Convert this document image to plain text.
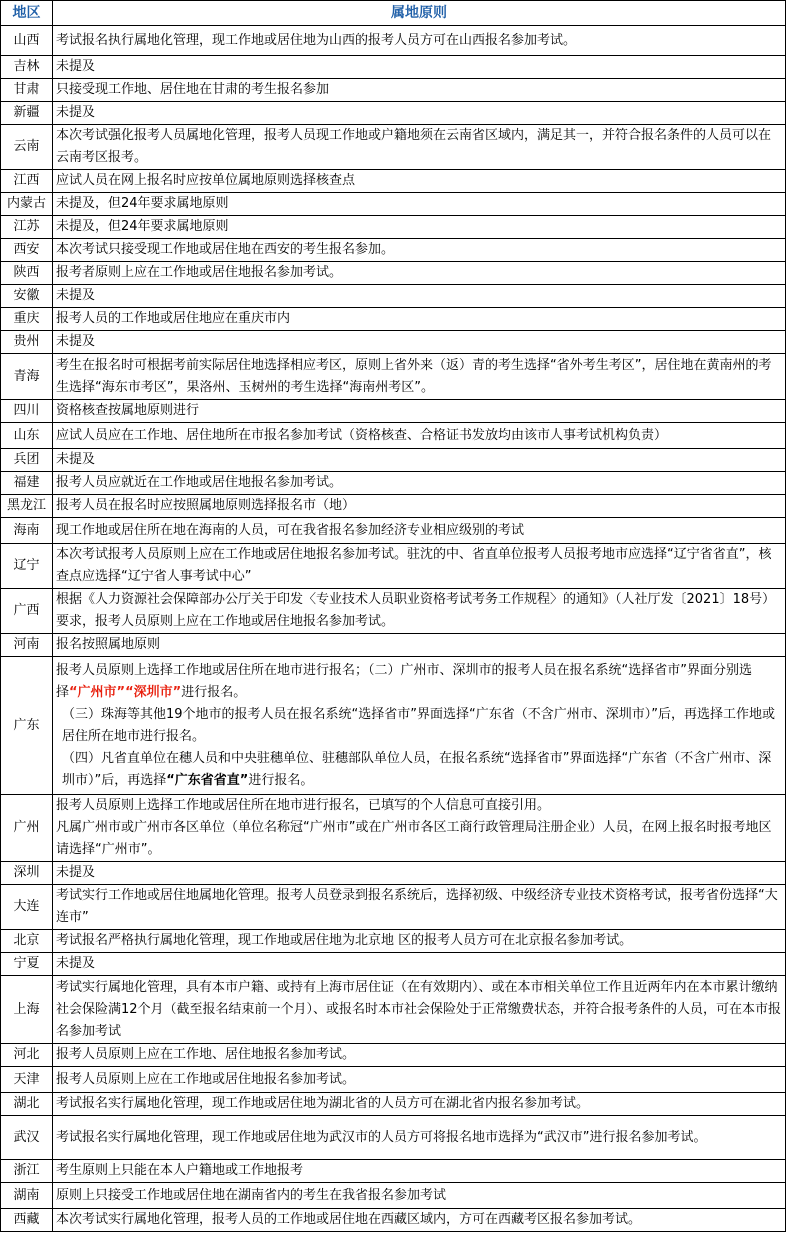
地区	属地原则
山西	考试报名执行属地化管理，现工作地或居住地为山西的报考人员方可在山西报名参加考试。
吉林	未提及
甘肃	只接受现工作地、居住地在甘肃的考生报名参加
新疆	未提及
云南	本次考试强化报考人员属地化管理，报考人员现工作地或户籍地须在云南省区域内，满足其一，并符合报名条件的人员可以在云南考区报考。
江西	应试人员在网上报名时应按单位属地原则选择核查点
内蒙古	未提及，但24年要求属地原则
江苏	未提及，但24年要求属地原则
西安	本次考试只接受现工作地或居住地在西安的考生报名参加。
陕西	报考者原则上应在工作地或居住地报名参加考试。
安徽	未提及
重庆	报考人员的工作地或居住地应在重庆市内
贵州	未提及
青海	考生在报名时可根据考前实际居住地选择相应考区，原则上省外来（返）青的考生选择“省外考生考区”，居住地在黄南州的考生选择“海东市考区”，果洛州、玉树州的考生选择“海南州考区”。
四川	资格核查按属地原则进行
山东	应试人员应在工作地、居住地所在市报名参加考试（资格核查、合格证书发放均由该市人事考试机构负责）
兵团	未提及
福建	报考人员应就近在工作地或居住地报名参加考试。
黑龙江	报考人员在报名时应按照属地原则选择报名市（地）
海南	现工作地或居住所在地在海南的人员，可在我省报名参加经济专业相应级别的考试
辽宁	本次考试报考人员原则上应在工作地或居住地报名参加考试。驻沈的中、省直单位报考人员报考地市应选择“辽宁省省直”，核查点应选择“辽宁省人事考试中心”
广西	根据《人力资源社会保障部办公厅关于印发〈专业技术人员职业资格考试考务工作规程〉的通知》（人社厅发〔2021〕18号）要求，报考人员原则上应在工作地或居住地报名参加考试。
河南	报名按照属地原则
广东	报考人员原则上选择工作地或居住所在地市进行报名；（二）广州市、深圳市的报考人员在报名系统“选择省市”界面分别选择“广州市”“深圳市”进行报名。
（三）珠海等其他19个地市的报考人员在报名系统“选择省市”界面选择“广东省（不含广州市、深圳市）”后，再选择工作地或居住所在地市进行报名。
（四）凡省直单位在穗人员和中央驻穗单位、驻穗部队单位人员，在报名系统“选择省市”界面选择“广东省（不含广州市、深圳市）”后，再选择“广东省省直”进行报名。

广州	报考人员原则上选择工作地或居住所在地市进行报名，已填写的个人信息可直接引用。
凡属广州市或广州市各区单位（单位名称冠“广州市”或在广州市各区工商行政管理局注册企业）人员，在网上报名时报考地区请选择“广州市”。

深圳	未提及
大连	考试实行工作地或居住地属地化管理。报考人员登录到报名系统后，选择初级、中级经济专业技术资格考试，报考省份选择“大连市”
北京	考试报名严格执行属地化管理，现工作地或居住地为北京地 区的报考人员方可在北京报名参加考试。
宁夏	未提及
上海	考试实行属地化管理，具有本市户籍、或持有上海市居住证（在有效期内）、或在本市相关单位工作且近两年内在本市累计缴纳社会保险满12个月（截至报名结束前一个月）、或报名时本市社会保险处于正常缴费状态，并符合报考条件的人员，可在本市报名参加考试
河北	报考人员原则上应在工作地、居住地报名参加考试。
天津	报考人员原则上应在工作地或居住地报名参加考试。
湖北	考试报名实行属地化管理，现工作地或居住地为湖北省的人员方可在湖北省内报名参加考试。
武汉	考试报名实行属地化管理，现工作地或居住地为武汉市的人员方可将报名地市选择为“武汉市”进行报名参加考试。
浙江	考生原则上只能在本人户籍地或工作地报考
湖南	原则上只接受工作地或居住地在湖南省内的考生在我省报名参加考试
西藏	本次考试实行属地化管理，报考人员的工作地或居住地在西藏区域内，方可在西藏考区报名参加考试。
